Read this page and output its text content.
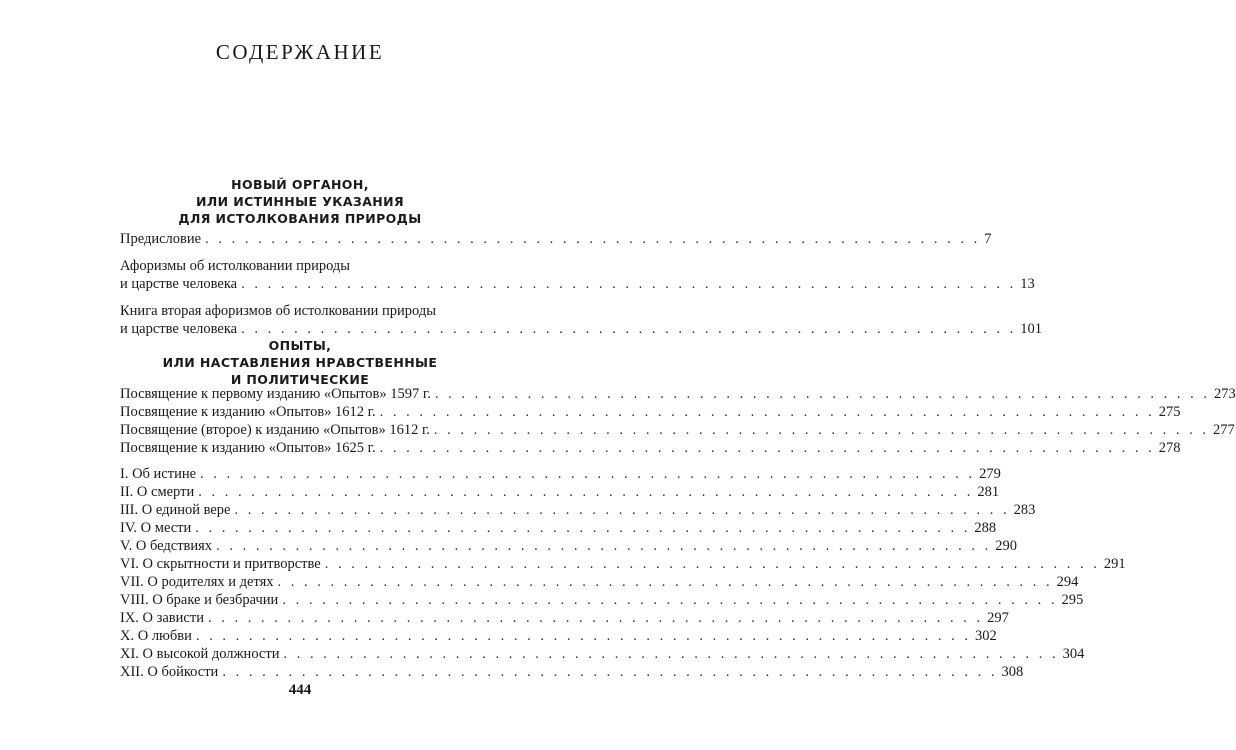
СОДЕРЖАНИЕ
НОВЫЙ ОРГАНОН,
ИЛИ ИСТИННЫЕ УКАЗАНИЯ
ДЛЯ ИСТОЛКОВАНИЯ ПРИРОДЫ
Предисловие . . . . . . . . . . . . . . . . . . . . . . . . . . . . . . . . . . . . . . . . . . . . . . . . . . . . . . . . . . . 7
Афоризмы об истолковании природы
и царстве человека . . . . . . . . . . . . . . . . . . . . . . . . . . . . . . . . . . . . . . . . . . . . . . . . . . . . . . . . . . . 13
Книга вторая афоризмов об истолковании природы
и царстве человека . . . . . . . . . . . . . . . . . . . . . . . . . . . . . . . . . . . . . . . . . . . . . . . . . . . . . . . . . . . 101
ОПЫТЫ,
ИЛИ НАСТАВЛЕНИЯ НРАВСТВЕННЫЕ
И ПОЛИТИЧЕСКИЕ
Посвящение к первому изданию «Опытов» 1597 г. . . . . . . . . . . . . . . . . . . . . . . . . . . . . . . . . . . . . . . . . . . . . . . . . . . . . . . . . . . . 273
Посвящение к изданию «Опытов» 1612 г. . . . . . . . . . . . . . . . . . . . . . . . . . . . . . . . . . . . . . . . . . . . . . . . . . . . . . . . . . . . 275
Посвящение (второе) к изданию «Опытов» 1612 г. . . . . . . . . . . . . . . . . . . . . . . . . . . . . . . . . . . . . . . . . . . . . . . . . . . . . . . . . . . . 277
Посвящение к изданию «Опытов» 1625 г. . . . . . . . . . . . . . . . . . . . . . . . . . . . . . . . . . . . . . . . . . . . . . . . . . . . . . . . . . . . 278
I. Об истине . . . . . . . . . . . . . . . . . . . . . . . . . . . . . . . . . . . . . . . . . . . . . . . . . . . . . . . . . . . 279
II. О смерти . . . . . . . . . . . . . . . . . . . . . . . . . . . . . . . . . . . . . . . . . . . . . . . . . . . . . . . . . . . 281
III. О единой вере . . . . . . . . . . . . . . . . . . . . . . . . . . . . . . . . . . . . . . . . . . . . . . . . . . . . . . . . . . . 283
IV. О мести . . . . . . . . . . . . . . . . . . . . . . . . . . . . . . . . . . . . . . . . . . . . . . . . . . . . . . . . . . . 288
V. О бедствиях . . . . . . . . . . . . . . . . . . . . . . . . . . . . . . . . . . . . . . . . . . . . . . . . . . . . . . . . . . . 290
VI. О скрытности и притворстве . . . . . . . . . . . . . . . . . . . . . . . . . . . . . . . . . . . . . . . . . . . . . . . . . . . . . . . . . . . 291
VII. О родителях и детях . . . . . . . . . . . . . . . . . . . . . . . . . . . . . . . . . . . . . . . . . . . . . . . . . . . . . . . . . . . 294
VIII. О браке и безбрачии . . . . . . . . . . . . . . . . . . . . . . . . . . . . . . . . . . . . . . . . . . . . . . . . . . . . . . . . . . . 295
IX. О зависти . . . . . . . . . . . . . . . . . . . . . . . . . . . . . . . . . . . . . . . . . . . . . . . . . . . . . . . . . . . 297
X. О любви . . . . . . . . . . . . . . . . . . . . . . . . . . . . . . . . . . . . . . . . . . . . . . . . . . . . . . . . . . . 302
XI. О высокой должности . . . . . . . . . . . . . . . . . . . . . . . . . . . . . . . . . . . . . . . . . . . . . . . . . . . . . . . . . . . 304
XII. О бойкости . . . . . . . . . . . . . . . . . . . . . . . . . . . . . . . . . . . . . . . . . . . . . . . . . . . . . . . . . . . 308
444
